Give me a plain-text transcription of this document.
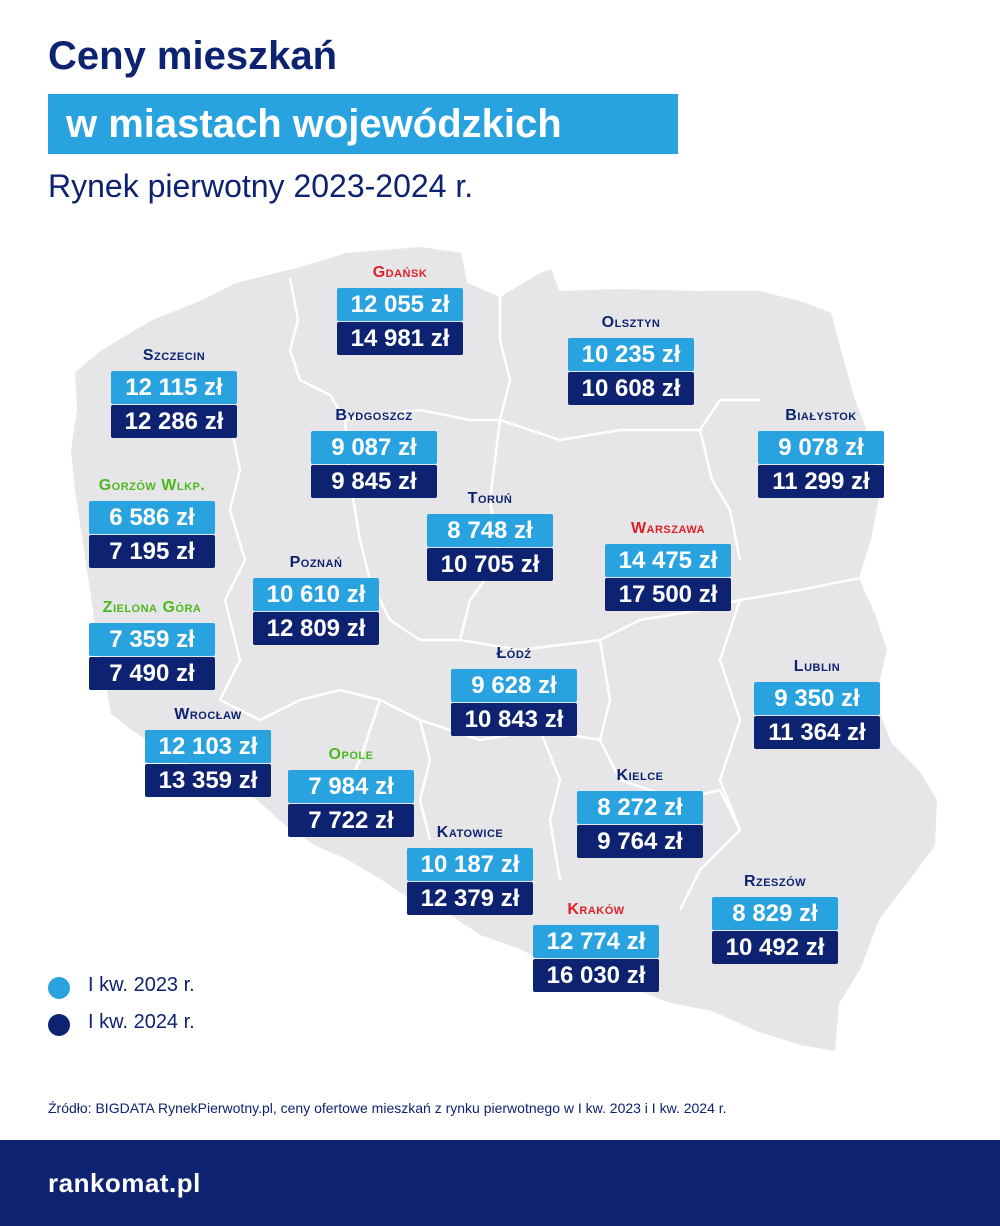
Ceny mieszkań
w miastach wojewódzkich
Rynek pierwotny 2023-2024 r.
Gdańsk
12 055 zł
14 981 zł
Olsztyn
10 235 zł
10 608 zł
Szczecin
12 115 zł
12 286 zł	Bydgoszcz
9 087 zł
9 845 zł
Białystok
9 078 zł
11 299 zł
Gorzów Wlkp.
6 586 zł
7 195 zł
Toruń
8 748 zł
10 705 zł
Warszawa
14 475 zł
17 500 zł
Poznań
10 610 zł
12 809 zł
Zielona Góra
7 359 zł
7 490 zł
Łódź
9 628 zł
10 843 zł
Lublin
9 350 zł
11 364 zł
Wrocław
12 103 zł
13 359 zł
Opole
7 984 zł
7 722 zł
Kielce
8 272 zł
9 764 zł
Katowice
10 187 zł
12 379 zł
Rzeszów
8 829 zł
10 492 zł
Kraków
12 774 zł
16 030 zł
I kw. 2023 r.
I kw. 2024 r.
Źródło: BIGDATA RynekPierwotny.pl, ceny ofertowe mieszkań z rynku pierwotnego w I kw. 2023 i I kw. 2024 r.
rankomat.pl
